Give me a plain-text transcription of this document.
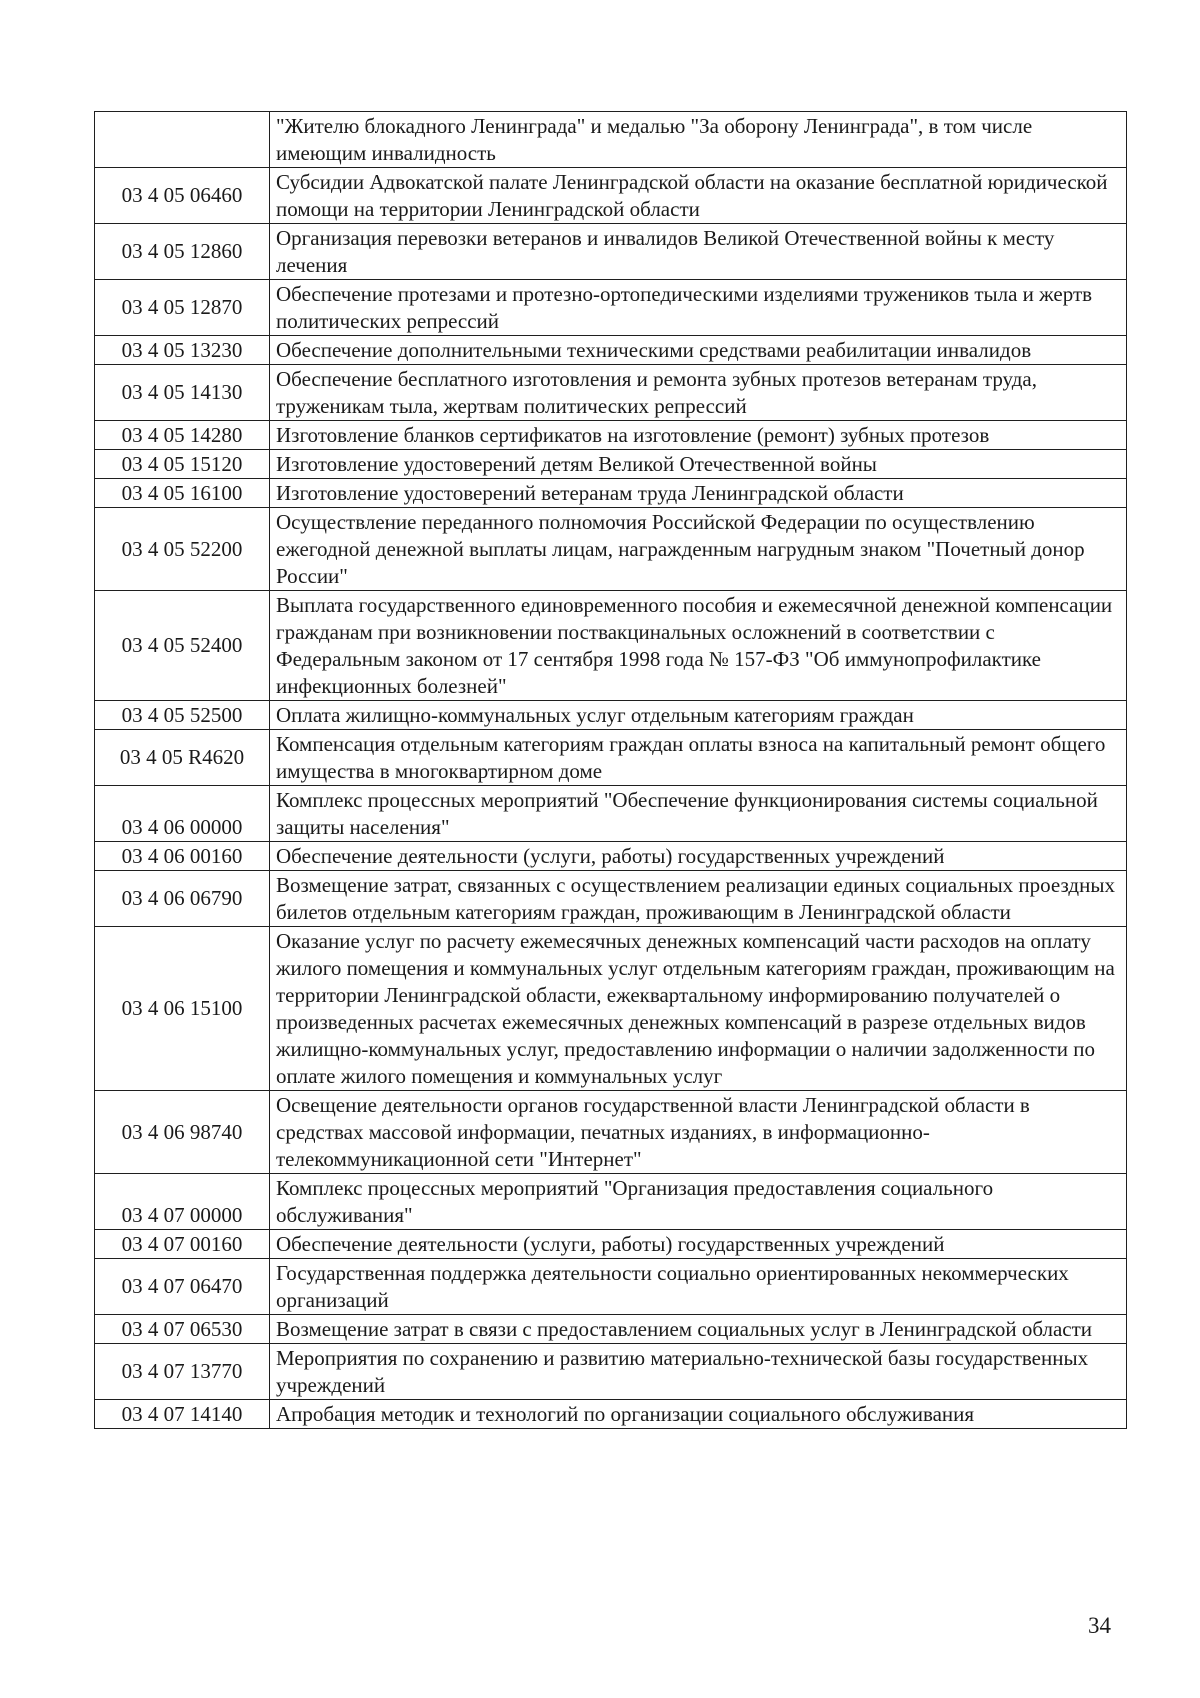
	"Жителю блокадного Ленинграда" и медалью "За оборону Ленинграда", в том числе имеющим инвалидность
03 4 05 06460	Субсидии Адвокатской палате Ленинградской области на оказание бесплатной юридической помощи на территории Ленинградской области
03 4 05 12860	Организация перевозки ветеранов и инвалидов Великой Отечественной войны к месту лечения
03 4 05 12870	Обеспечение протезами и протезно-ортопедическими изделиями тружеников тыла и жертв политических репрессий
03 4 05 13230	Обеспечение дополнительными техническими средствами реабилитации инвалидов
03 4 05 14130	Обеспечение бесплатного изготовления и ремонта зубных протезов ветеранам труда, труженикам тыла, жертвам политических репрессий
03 4 05 14280	Изготовление бланков сертификатов на изготовление (ремонт) зубных протезов
03 4 05 15120	Изготовление удостоверений детям Великой Отечественной войны
03 4 05 16100	Изготовление удостоверений ветеранам труда Ленинградской области
03 4 05 52200	Осуществление переданного полномочия Российской Федерации по осуществлению ежегодной денежной выплаты лицам, награжденным нагрудным знаком "Почетный донор России"
03 4 05 52400	Выплата государственного единовременного пособия и ежемесячной денежной компенсации гражданам при возникновении поствакцинальных осложнений в соответствии с Федеральным законом от 17 сентября 1998 года № 157-ФЗ "Об иммунопрофилактике инфекционных болезней"
03 4 05 52500	Оплата жилищно-коммунальных услуг отдельным категориям граждан
03 4 05 R4620	Компенсация отдельным категориям граждан оплаты взноса на капитальный ремонт общего имущества в многоквартирном доме
03 4 06 00000	Комплекс процессных мероприятий "Обеспечение функционирования системы социальной защиты населения"
03 4 06 00160	Обеспечение деятельности (услуги, работы) государственных учреждений
03 4 06 06790	Возмещение затрат, связанных с осуществлением реализации единых социальных проездных билетов отдельным категориям граждан, проживающим в Ленинградской области
03 4 06 15100	Оказание услуг по расчету ежемесячных денежных компенсаций части расходов на оплату жилого помещения и коммунальных услуг отдельным категориям граждан, проживающим на территории Ленинградской области, ежеквартальному информированию получателей о произведенных расчетах ежемесячных денежных компенсаций в разрезе отдельных видов жилищно-коммунальных услуг, предоставлению информации о наличии задолженности по оплате жилого помещения и коммунальных услуг
03 4 06 98740	Освещение деятельности органов государственной власти Ленинградской области в средствах массовой информации, печатных изданиях, в информационно-телекоммуникационной сети "Интернет"
03 4 07 00000	Комплекс процессных мероприятий "Организация предоставления социального обслуживания"
03 4 07 00160	Обеспечение деятельности (услуги, работы) государственных учреждений
03 4 07 06470	Государственная поддержка деятельности социально ориентированных некоммерческих организаций
03 4 07 06530	Возмещение затрат в связи с предоставлением социальных услуг в Ленинградской области
03 4 07 13770	Мероприятия по сохранению и развитию материально-технической базы государственных учреждений
03 4 07 14140	Апробация методик и технологий по организации социального обслуживания
34
